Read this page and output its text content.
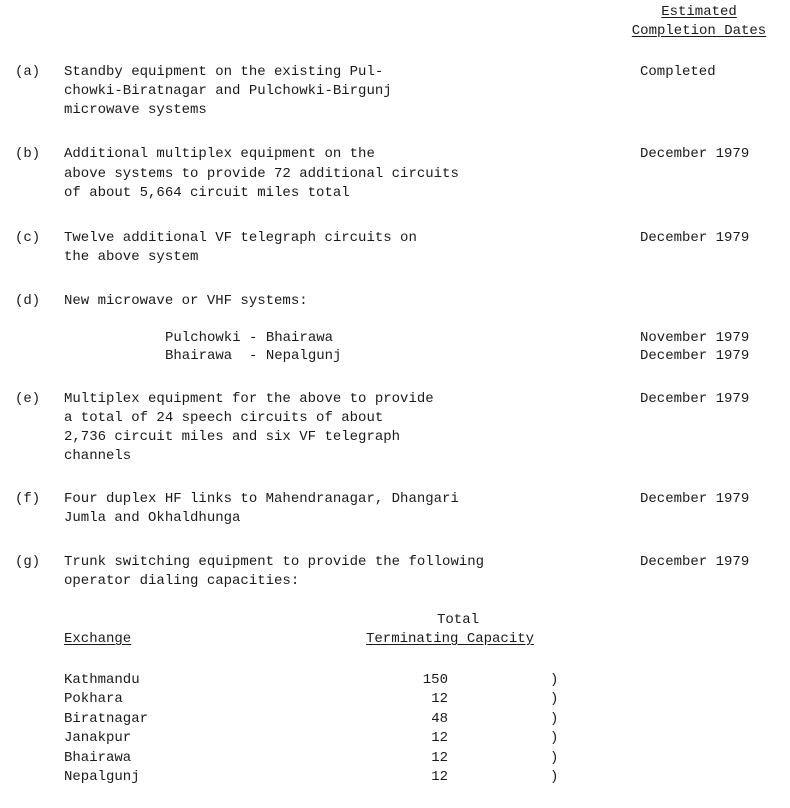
Estimated
Completion Dates
(a) Standby equipment on the existing Pul-
chowki-Biratnagar and Pulchowki-Birgunj
microwave systems
Completed
(b) Additional multiplex equipment on the
above systems to provide 72 additional circuits
of about 5,664 circuit miles total
December 1979
(c) Twelve additional VF telegraph circuits on
the above system
December 1979
(d) New microwave or VHF systems:
Pulchowki - Bhairawa	November 1979
Bhairawa  - Nepalgunj	December 1979
(e) Multiplex equipment for the above to provide
a total of 24 speech circuits of about
2,736 circuit miles and six VF telegraph
channels
December 1979
(f) Four duplex HF links to Mahendranagar, Dhangari
Jumla and Okhaldhunga
December 1979
(g) Trunk switching equipment to provide the following
operator dialing capacities:
December 1979
Total
Exchange	Terminating Capacity
Kathmandu	150	)
Pokhara	12	)
Biratnagar	48	)
Janakpur	12	)
Bhairawa	12	)
Nepalgunj	12	)
